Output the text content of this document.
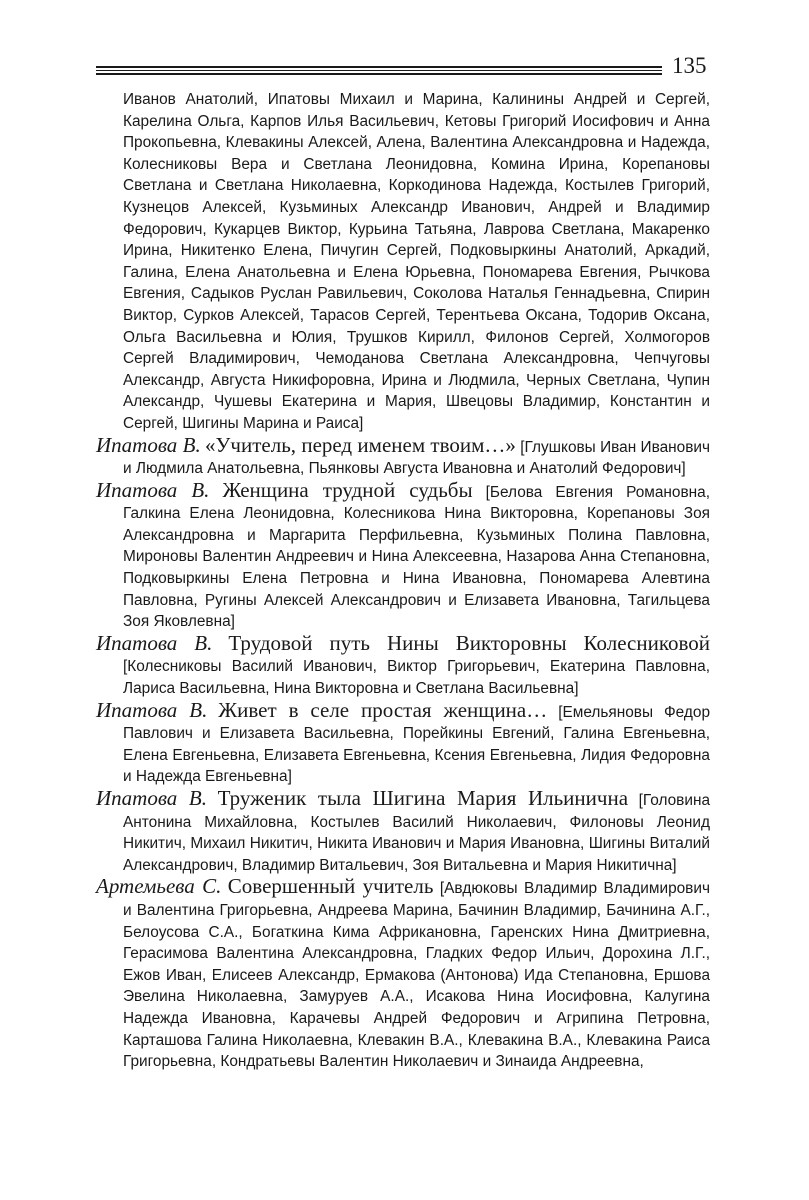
135

Иванов Анатолий, Ипатовы Михаил и Марина, Калинины Андрей и Сергей, Карелина Ольга, Карпов Илья Васильевич, Кетовы Григорий Иосифович и Анна Прокопьевна, Клевакины Алексей, Алена, Валентина Александровна и Надежда, Колесниковы Вера и Светлана Леонидовна, Комина Ирина, Корепановы Светлана и Светлана Николаевна, Коркодинова Надежда, Костылев Григорий, Кузнецов Алексей, Кузьминых Александр Иванович, Андрей и Владимир Федорович, Кукарцев Виктор, Курьина Татьяна, Лаврова Светлана, Макаренко Ирина, Никитенко Елена, Пичугин Сергей, Подковыркины Анатолий, Аркадий, Галина, Елена Анатольевна и Елена Юрьевна, Пономарева Евгения, Рычкова Евгения, Садыков Руслан Равильевич, Соколова Наталья Геннадьевна, Спирин Виктор, Сурков Алексей, Тарасов Сергей, Терентьева Оксана, Тодорив Оксана, Ольга Васильевна и Юлия, Трушков Кирилл, Филонов Сергей, Холмогоров Сергей Владимирович, Чемоданова Светлана Александровна, Чепчуговы Александр, Августа Никифоровна, Ирина и Людмила, Черных Светлана, Чупин Александр, Чушевы Екатерина и Мария, Швецовы Владимир, Константин и Сергей, Шигины Марина и Раиса]

Ипатова В. «Учитель, перед именем твоим…» [Глушковы Иван Иванович и Людмила Анатольевна, Пьянковы Августа Ивановна и Анатолий Федорович]

Ипатова В. Женщина трудной судьбы [Белова Евгения Романовна, Галкина Елена Леонидовна, Колесникова Нина Викторовна, Корепановы Зоя Александровна и Маргарита Перфильевна, Кузьминых Полина Павловна, Мироновы Валентин Андреевич и Нина Алексеевна, Назарова Анна Степановна, Подковыркины Елена Петровна и Нина Ивановна, Пономарева Алевтина Павловна, Ругины Алексей Александрович и Елизавета Ивановна, Тагильцева Зоя Яковлевна]

Ипатова В. Трудовой путь Нины Викторовны Колесниковой [Колесниковы Василий Иванович, Виктор Григорьевич, Екатерина Павловна, Лариса Васильевна, Нина Викторовна и Светлана Васильевна]

Ипатова В. Живет в селе простая женщина… [Емельяновы Федор Павлович и Елизавета Васильевна, Порейкины Евгений, Галина Евгеньевна, Елена Евгеньевна, Елизавета Евгеньевна, Ксения Евгеньевна, Лидия Федоровна и Надежда Евгеньевна]

Ипатова В. Труженик тыла Шигина Мария Ильинична [Головина Антонина Михайловна, Костылев Василий Николаевич, Филоновы Леонид Никитич, Михаил Никитич, Никита Иванович и Мария Ивановна, Шигины Виталий Александрович, Владимир Витальевич, Зоя Витальевна и Мария Никитична]

Артемьева С. Совершенный учитель [Авдюковы Владимир Владимирович и Валентина Григорьевна, Андреева Марина, Бачинин Владимир, Бачинина А.Г., Белоусова С.А., Богаткина Кима Африкановна, Гаренских Нина Дмитриевна, Герасимова Валентина Александровна, Гладких Федор Ильич, Дорохина Л.Г., Ежов Иван, Елисеев Александр, Ермакова (Антонова) Ида Степановна, Ершова Эвелина Николаевна, Замуруев А.А., Исакова Нина Иосифовна, Калугина Надежда Ивановна, Карачевы Андрей Федорович и Агрипина Петровна, Карташова Галина Николаевна, Клевакин В.А., Клевакина В.А., Клевакина Раиса Григорьевна, Кондратьевы Валентин Николаевич и Зинаида Андреевна,
